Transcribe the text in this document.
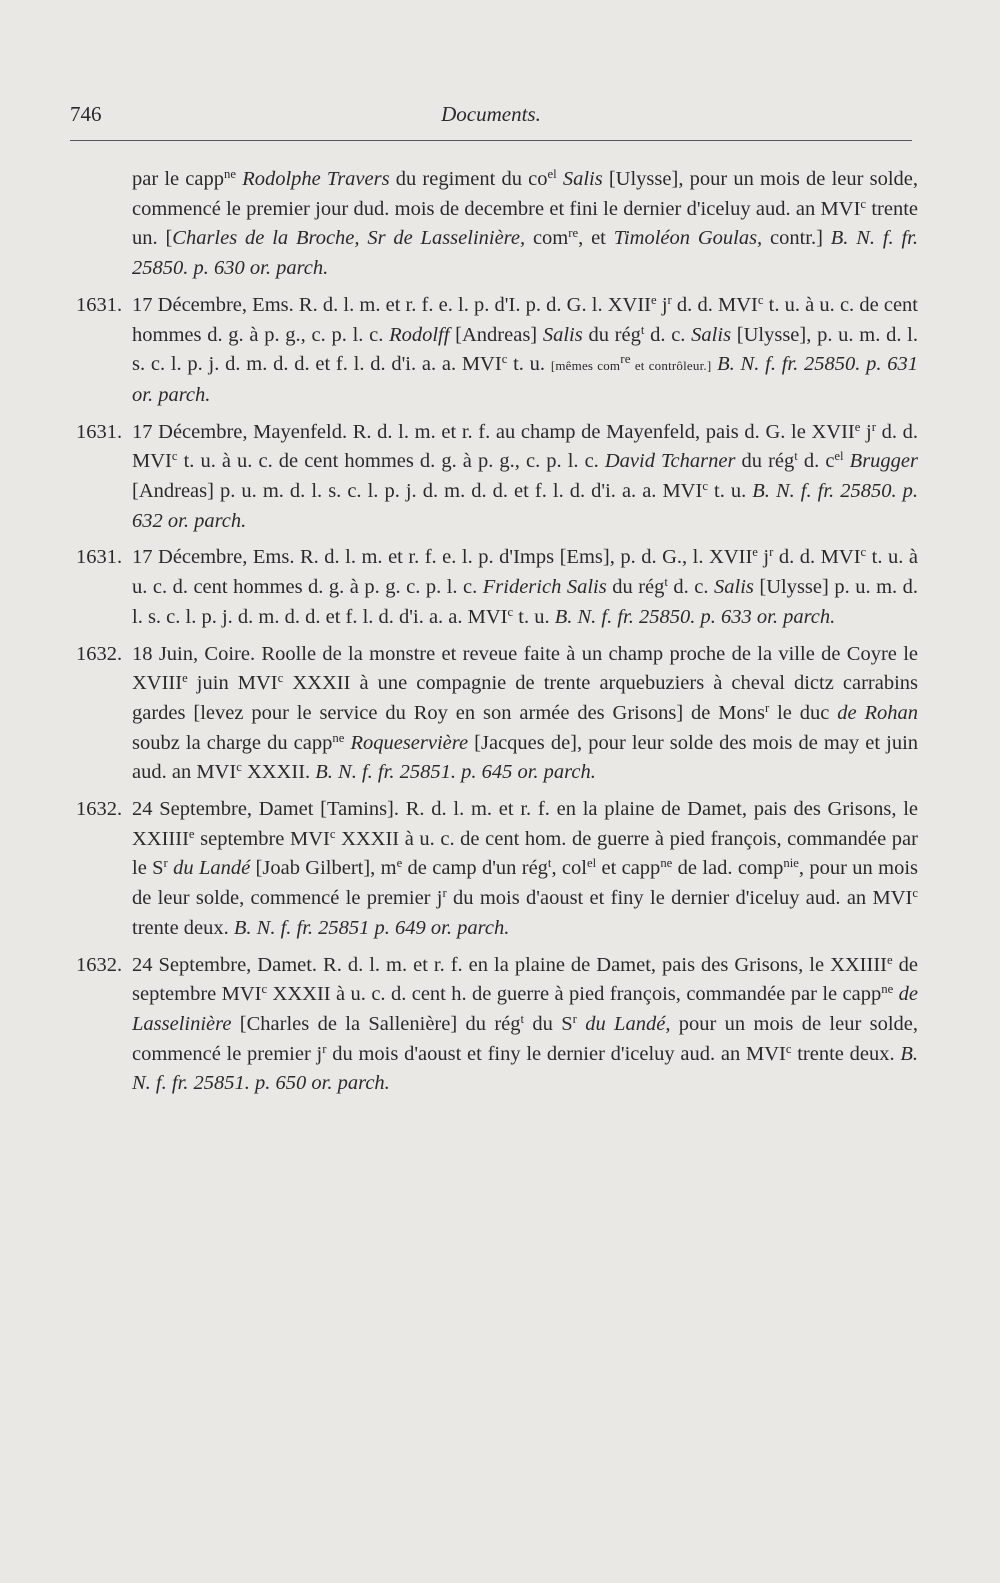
746	Documents.

par le capp$^{ne}$ Rodolphe Travers du regiment du $co^{el}$ Salis [Ulysse], pour un mois de leur solde, commencé le premier jour dud. mois de decembre et fini le dernier d'iceluy aud. an MVI$^c$ trente un. [Charles de la Broche, Sr de Lasselinière, com$^{re}$, et Timoléon Goulas, contr.] B. N. f. fr. 25850. p. 630 or. parch.

1631. 17 Décembre, Ems. R. d. l. m. et r. f. e. l. p. d'I. p. d. G. l. XVIIe $j^r$ d. d. MVI$^c$ t. u. à u. c. de cent hommes d. g. à p. g., c. p. l. c. Rodolff [Andreas] Salis du rég$^t$ d. c. Salis [Ulysse], p. u. m. d. l. s. c. l. p. j. d. m. d. d. et f. l. d. d'i. a. a. MVI$^c$ t. u. [mêmes com$^{re}$ et contrôleur.] B. N. f. fr. 25850. p. 631 or. parch.

1631. 17 Décembre, Mayenfeld. R. d. l. m. et r. f. au champ de Mayenfeld, pais d. G. le XVIIe $j^r$ d. d. MVI$^c$ t. u. à u. c. de cent hommes d. g. à p. g., c. p. l. c. David Tcharner du rég$^t$ d. $c^{el}$ Brugger [Andreas] p. u. m. d. l. s. c. l. p. j. d. m. d. d. et f. l. d. d'i. a. a. MVI$^c$ t. u. B. N. f. fr. 25850. p. 632 or. parch.

1631. 17 Décembre, Ems. R. d. l. m. et r. f. e. l. p. d'Imps [Ems], p. d. G., l. XVIIe $j^r$ d. d. MVI$^c$ t. u. à u. c. d. cent hommes d. g. à p. g. c. p. l. c. Friderich Salis du rég$^t$ d. c. Salis [Ulysse] p. u. m. d. l. s. c. l. p. j. d. m. d. d. et f. l. d. d'i. a. a. MVI$^c$ t. u. B. N. f. fr. 25850. p. 633 or. parch.

1632. 18 Juin, Coire. Roolle de la monstre et reveue faite à un champ proche de la ville de Coyre le XVIIIe juin MVI$^c$ XXXII à une compagnie de trente arquebuziers à cheval dictz carrabins gardes [levez pour le service du Roy en son armée des Grisons] de Mons$^r$ le duc de Rohan soubz la charge du capp$^{ne}$ Roqueservière [Jacques de], pour leur solde des mois de may et juin aud. an MVI$^c$ XXXII. B. N. f. fr. 25851. p. 645 or. parch.

1632. 24 Septembre, Damet [Tamins]. R. d. l. m. et r. f. en la plaine de Damet, pais des Grisons, le XXIIIIe septembre MVI$^c$ XXXII à u. c. de cent hom. de guerre à pied françois, commandée par le $S^r$ du Landé [Joab Gilbert], $m^e$ de camp d'un rég$^t$, col$^{el}$ et capp$^{ne}$ de lad. comp$^{nie}$, pour un mois de leur solde, commencé le premier $j^r$ du mois d'aoust et finy le dernier d'iceluy aud. an MVI$^c$ trente deux. B. N. f. fr. 25851 p. 649 or. parch.

1632. 24 Septembre, Damet. R. d. l. m. et r. f. en la plaine de Damet, pais des Grisons, le XXIIIIe de septembre MVI$^c$ XXXII à u. c. d. cent h. de guerre à pied françois, commandée par le capp$^{ne}$ de Lasselinière [Charles de la Sallenière] du rég$^t$ du $S^r$ du Landé, pour un mois de leur solde, commencé le premier $j^r$ du mois d'aoust et finy le dernier d'iceluy aud. an MVI$^c$ trente deux. B. N. f. fr. 25851. p. 650 or. parch.
